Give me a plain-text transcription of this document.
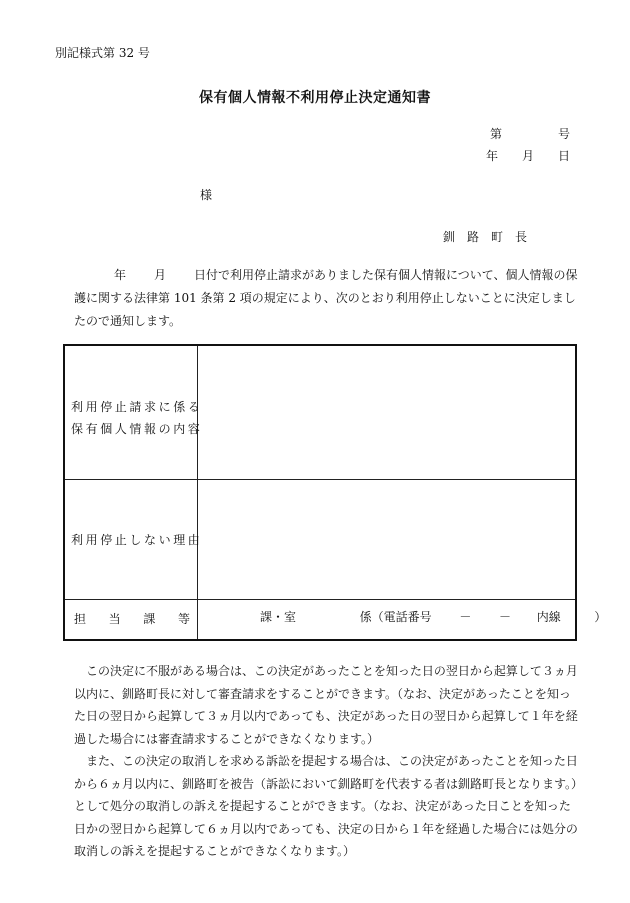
別記様式第 32 号
保有個人情報不利用停止決定通知書
第	号
年 月 日
様
釧路町長
年 月 日付で利用停止請求がありました保有個人情報について、個人情報の保護に関する法律第 101 条第 2 項の規定により、次のとおり利用停止しないことに決定しましたので通知します。
利用停止請求に係る
保有個人情報の内容
利用停止しない理由
担 当 課 等	課・室	係（電話番号 － － 内線	）

この決定に不服がある場合は、この決定があったことを知った日の翌日から起算して３ヵ月以内に、釧路町長に対して審査請求をすることができます。（なお、決定があったことを知った日の翌日から起算して３ヵ月以内であっても、決定があった日の翌日から起算して１年を経過した場合には審査請求することができなくなります。）

また、この決定の取消しを求める訴訟を提起する場合は、この決定があったことを知った日から６ヵ月以内に、釧路町を被告（訴訟において釧路町を代表する者は釧路町長となります。）として処分の取消しの訴えを提起することができます。（なお、決定があった日ことを知った日かの翌日から起算して６ヵ月以内であっても、決定の日から１年を経過した場合には処分の取消しの訴えを提起することができなくなります。）
